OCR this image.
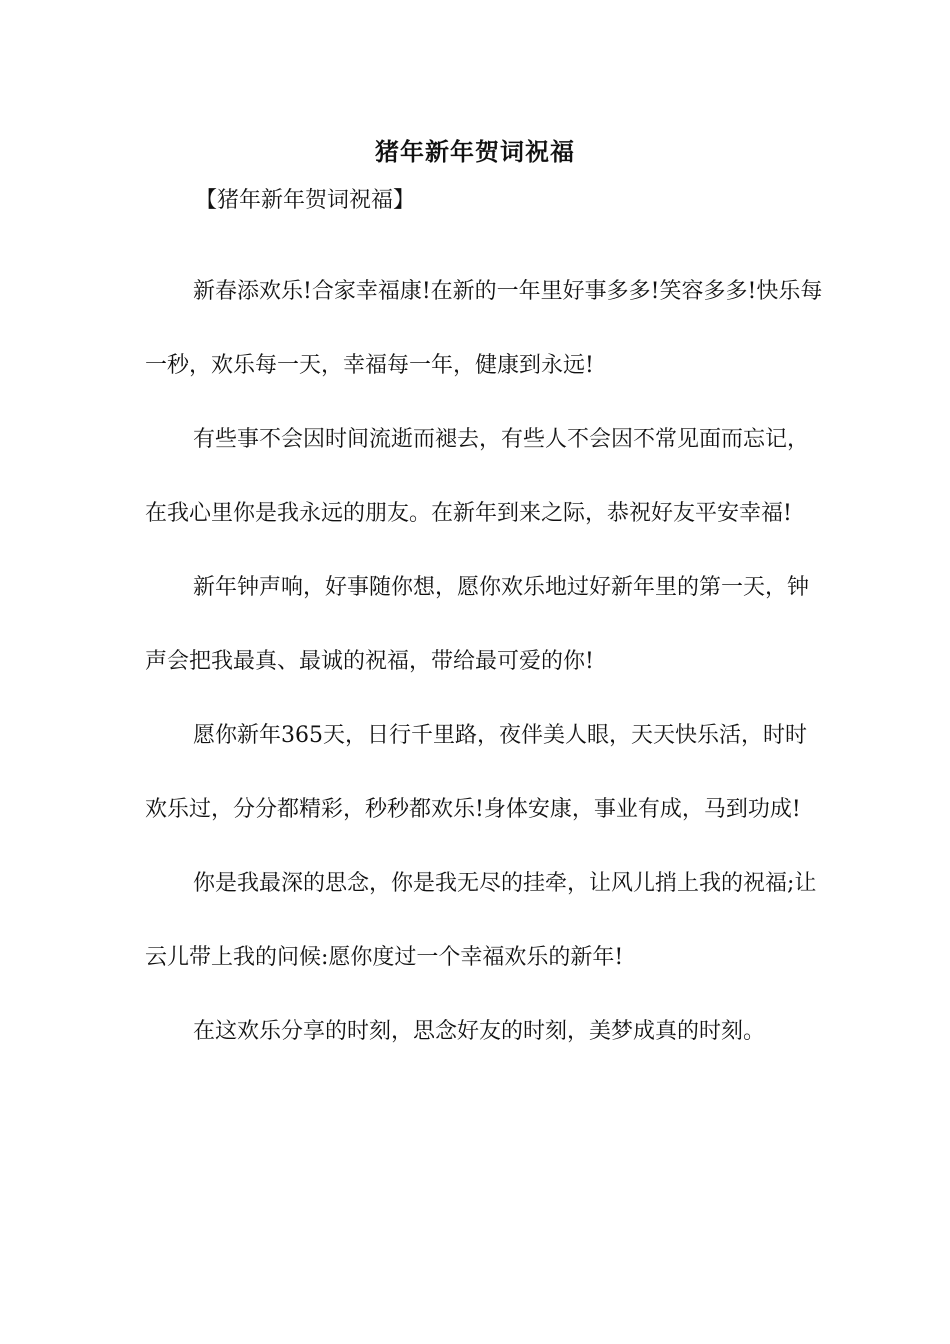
猪年新年贺词祝福
【猪年新年贺词祝福】

新春添欢乐!合家幸福康!在新的一年里好事多多!笑容多多!快乐每一秒，欢乐每一天，幸福每一年，健康到永远!

有些事不会因时间流逝而褪去，有些人不会因不常见面而忘记，在我心里你是我永远的朋友。在新年到来之际，恭祝好友平安幸福!

新年钟声响，好事随你想，愿你欢乐地过好新年里的第一天，钟声会把我最真、最诚的祝福，带给最可爱的你!

愿你新年365天，日行千里路，夜伴美人眼，天天快乐活，时时欢乐过，分分都精彩，秒秒都欢乐!身体安康，事业有成，马到功成!

你是我最深的思念，你是我无尽的挂牵，让风儿捎上我的祝福;让云儿带上我的问候:愿你度过一个幸福欢乐的新年!

在这欢乐分享的时刻，思念好友的时刻，美梦成真的时刻。
